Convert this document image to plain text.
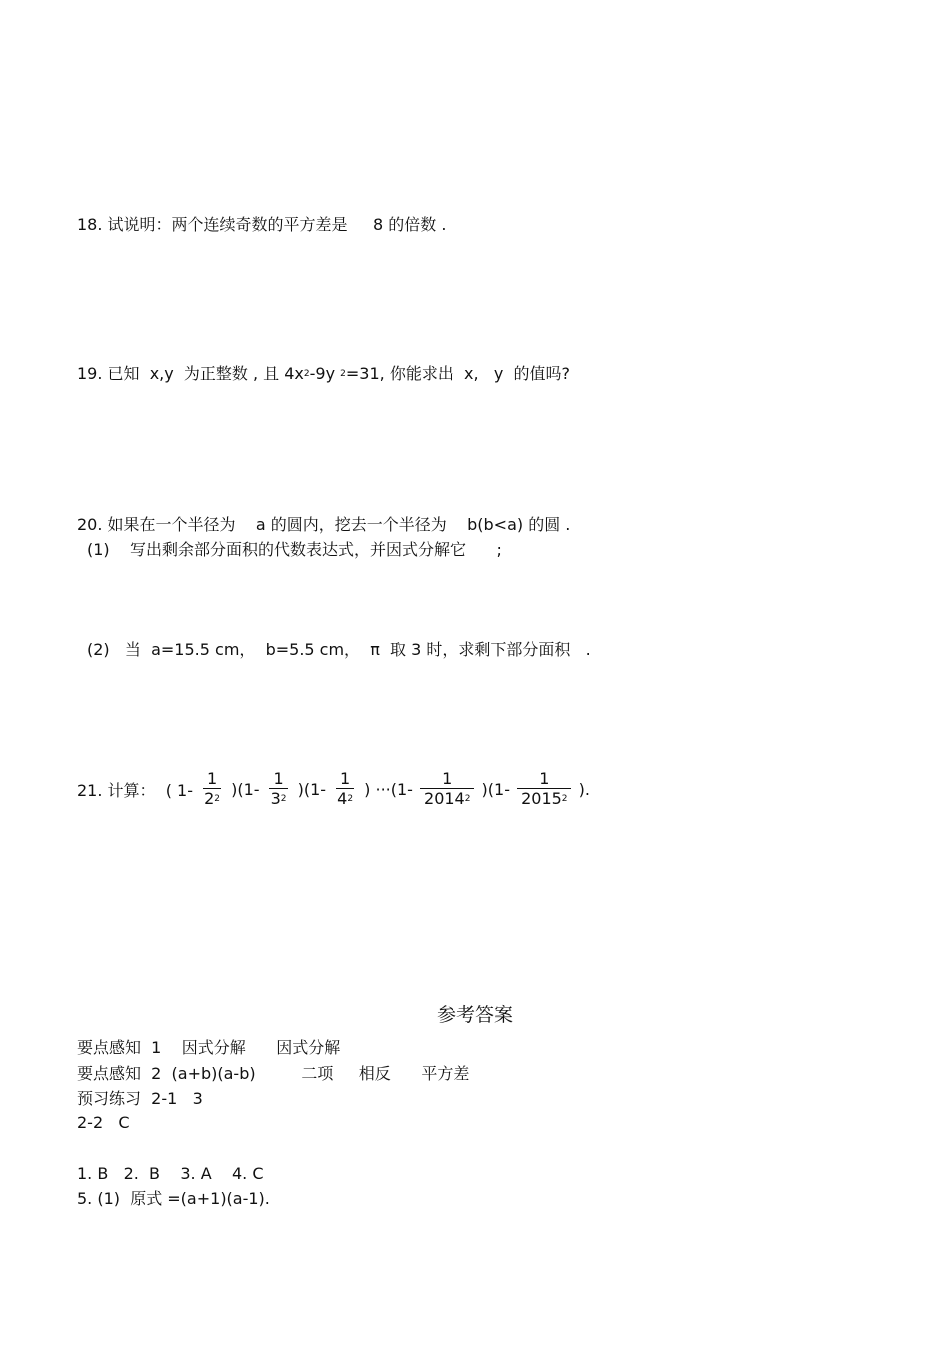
18. 试说明：两个连续奇数的平方差是     8 的倍数 .
19. 已知  x,y  为正整数 , 且 $4x^2-9y$ $^2$=31, 你能求出  x,   y  的值吗?
20. 如果在一个半径为    a 的圆内，挖去一个半径为    b(b<a) 的圆 .
(1)    写出剩余部分面积的代数表达式，并因式分解它      ;
(2)   当  a=15.5 cm，  b=5.5 cm，  π  取 3 时，求剩下部分面积   .
21. 计算：  ( $1- \frac{1}{2^2} )(1- \frac{1}{3^2} )(1- \frac{1}{4^2}$ ) $\cdot\cdot\cdot(1- \frac{1}{2014^2} )(1- \frac{1}{2015^2}$ ).
参考答案
要点感知  1    因式分解      因式分解
要点感知  2  (a+b)(a-b)         二项     相反      平方差
预习练习  2-1   3
2-2   C
1. B   2.  B    3. A    4. C
5. (1)  原式 =(a+1)(a-1).
